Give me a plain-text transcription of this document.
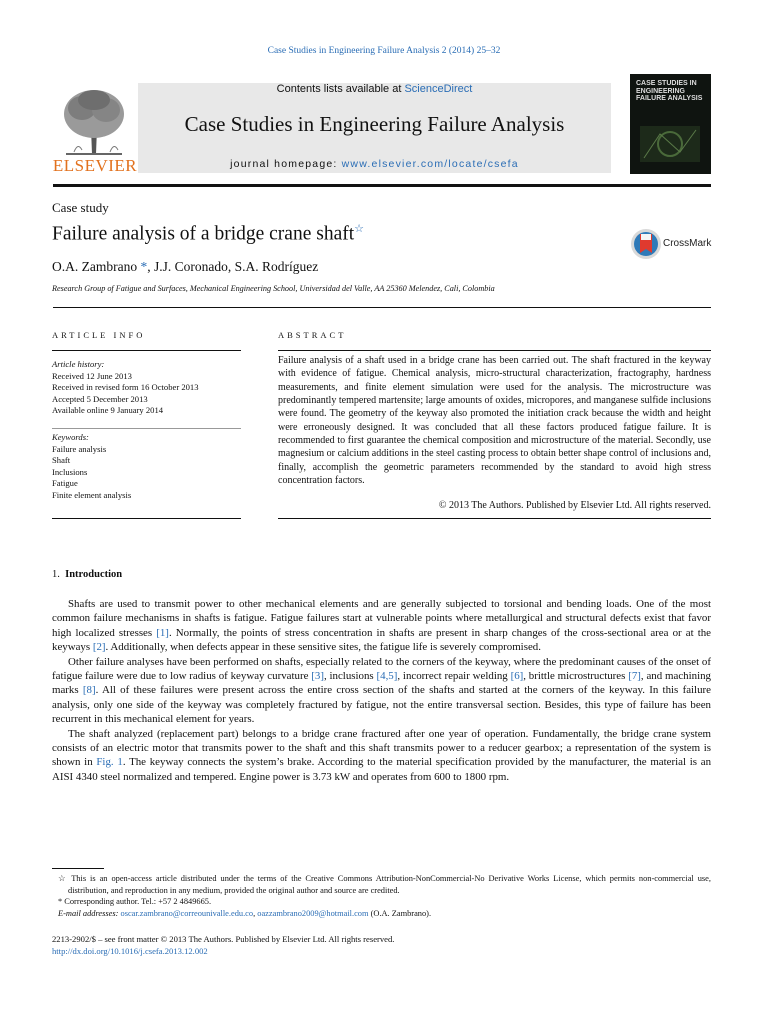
Case Studies in Engineering Failure Analysis 2 (2014) 25–32
ELSEVIER
Contents lists available at ScienceDirect
Case Studies in Engineering Failure Analysis
journal homepage: www.elsevier.com/locate/csefa
CASE STUDIES IN ENGINEERING FAILURE ANALYSIS
Case study
Failure analysis of a bridge crane shaft☆
O.A. Zambrano *, J.J. Coronado, S.A. Rodríguez
Research Group of Fatigue and Surfaces, Mechanical Engineering School, Universidad del Valle, AA 25360 Melendez, Cali, Colombia
CrossMark
ARTICLE INFO	ABSTRACT
Article history:
Received 12 June 2013
Received in revised form 16 October 2013
Accepted 5 December 2013
Available online 9 January 2014
Keywords:
Failure analysis
Shaft
Inclusions
Fatigue
Finite element analysis
Failure analysis of a shaft used in a bridge crane has been carried out. The shaft fractured in the keyway with evidence of fatigue. Chemical analysis, micro-structural characterization, fractography, hardness measurements, and finite element simulation were used for the analysis. The microstructure was predominantly tempered martensite; large amounts of oxides, micropores, and manganese sulfide inclusions were found. The geometry of the keyway also promoted the initiation crack because the width and height were erroneously designed. It was concluded that all these factors produced fatigue failure. It is recommended to first guarantee the chemical composition and microstructure of the material. Secondly, use magnesium or calcium additions in the steel casting process to obtain better shape control of inclusions and, finally, accomplish the geometric parameters recommended by the standard to avoid high stress concentration factors.
© 2013 The Authors. Published by Elsevier Ltd. All rights reserved.
1. Introduction

Shafts are used to transmit power to other mechanical elements and are generally subjected to torsional and bending loads. One of the most common failure mechanisms in shafts is fatigue. Fatigue failures start at vulnerable points where metallurgical and structural defects exist that favor high localized stresses [1]. Normally, the points of stress concentration in shafts are present in sharp changes of the cross-sectional area or at the keyways [2]. Additionally, when defects appear in these sensitive sites, the fatigue life is severely compromised.

Other failure analyses have been performed on shafts, especially related to the corners of the keyway, where the predominant causes of the onset of fatigue failure were due to low radius of keyway curvature [3], inclusions [4,5], incorrect repair welding [6], brittle microstructures [7], and machining marks [8]. All of these failures were present across the entire cross section of the shafts and started at the corners of the keyway. In this failure analysis, only one side of the keyway was completely fractured by fatigue, not the entire transversal section. Besides, this type of failure has been recurrent in this mechanical element for years.

The shaft analyzed (replacement part) belongs to a bridge crane fractured after one year of operation. Fundamentally, the bridge crane system consists of an electric motor that transmits power to the shaft and this shaft transmits power to a reducer gearbox; a representation of the system is shown in Fig. 1. The keyway connects the system’s brake. According to the material specification provided by the manufacturer, the material is an AISI 4340 steel normalized and tempered. Engine power is 3.73 kW and operates from 600 to 1800 rpm.

☆ This is an open-access article distributed under the terms of the Creative Commons Attribution-NonCommercial-No Derivative Works License, which permits non-commercial use, distribution, and reproduction in any medium, provided the original author and source are credited.

* Corresponding author. Tel.: +57 2 4849665.

E-mail addresses: oscar.zambrano@correounivalle.edu.co, oazzambrano2009@hotmail.com (O.A. Zambrano).

2213-2902/$ – see front matter © 2013 The Authors. Published by Elsevier Ltd. All rights reserved.
http://dx.doi.org/10.1016/j.csefa.2013.12.002
